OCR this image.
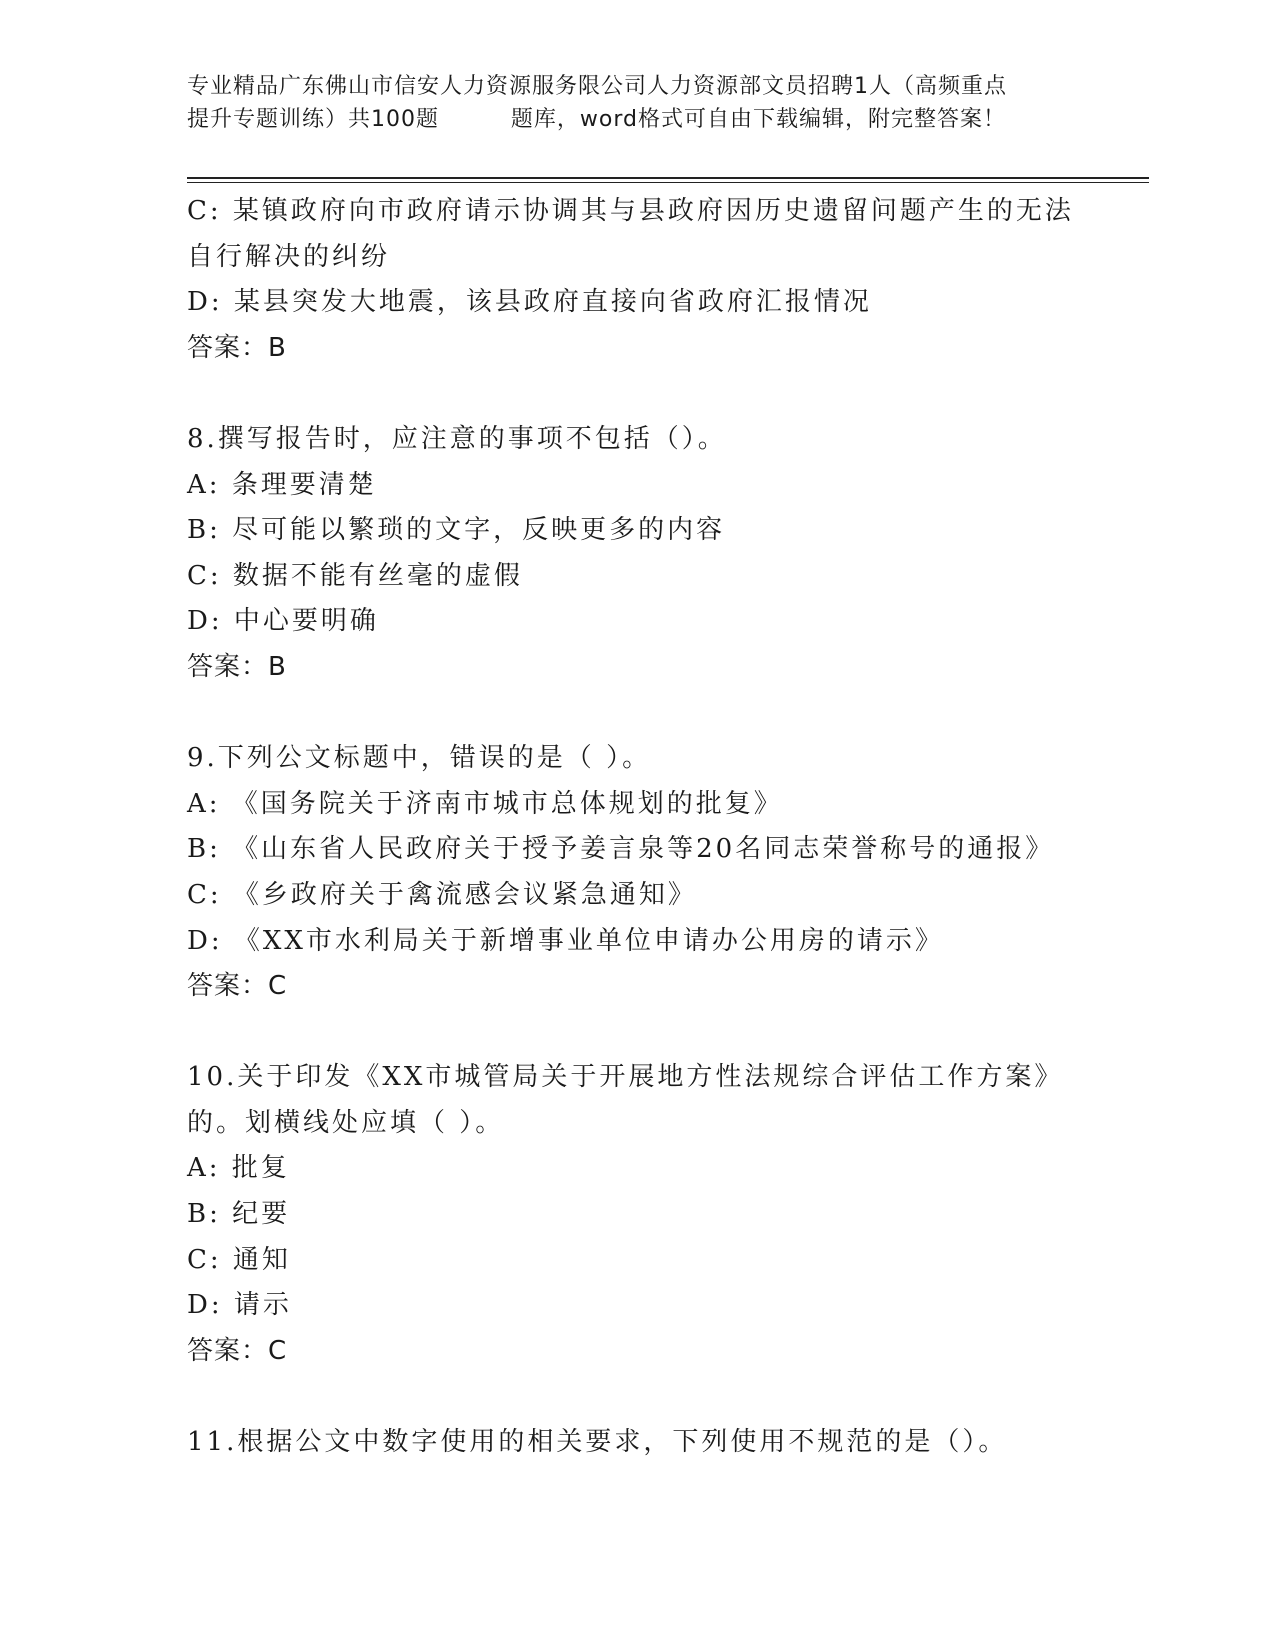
专业精品广东佛山市信安人力资源服务限公司人力资源部文员招聘1人（高频重点
提升专题训练）共100题         题库，word格式可自由下载编辑，附完整答案！
C: 某镇政府向市政府请示协调其与县政府因历史遗留问题产生的无法
自行解决的纠纷
D: 某县突发大地震，该县政府直接向省政府汇报情况
答案：B
8.撰写报告时，应注意的事项不包括（）。
A: 条理要清楚
B: 尽可能以繁琐的文字，反映更多的内容
C: 数据不能有丝毫的虚假
D: 中心要明确
答案：B
9.下列公文标题中，错误的是（ ）。
A: 《国务院关于济南市城市总体规划的批复》
B: 《山东省人民政府关于授予姜言泉等20名同志荣誉称号的通报》
C: 《乡政府关于禽流感会议紧急通知》
D: 《XX市水利局关于新增事业单位申请办公用房的请示》
答案：C
10.关于印发《XX市城管局关于开展地方性法规综合评估工作方案》
的。划横线处应填（ ）。
A: 批复
B: 纪要
C: 通知
D: 请示
答案：C
11.根据公文中数字使用的相关要求，下列使用不规范的是（）。
